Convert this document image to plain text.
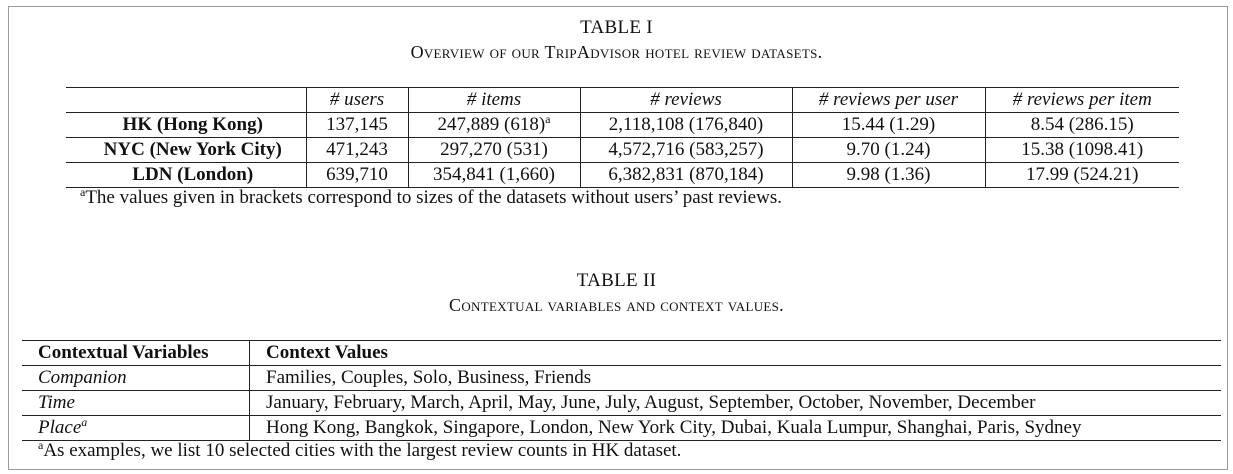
TABLE I
Overview of our TripAdvisor hotel review datasets.
	# users	# items	# reviews	# reviews per user	# reviews per item
HK (Hong Kong)	137,145	247,889 $(618)^a$	2,118,108 (176,840)	15.44 (1.29)	8.54 (286.15)
NYC (New York City)	471,243	297,270 (531)	4,572,716 (583,257)	9.70 (1.24)	15.38 (1098.41)
LDN (London)	639,710	354,841 (1,660)	6,382,831 (870,184)	9.98 (1.36)	17.99 (524.21)
$^a$The values given in brackets correspond to sizes of the datasets without users’ past reviews.
TABLE II
Contextual variables and context values.
Contextual Variables	Context Values
Companion	Families, Couples, Solo, Business, Friends
Time	January, February, March, April, May, June, July, August, September, October, November, December
Place$^a$	Hong Kong, Bangkok, Singapore, London, New York City, Dubai, Kuala Lumpur, Shanghai, Paris, Sydney
$^a$As examples, we list 10 selected cities with the largest review counts in HK dataset.
